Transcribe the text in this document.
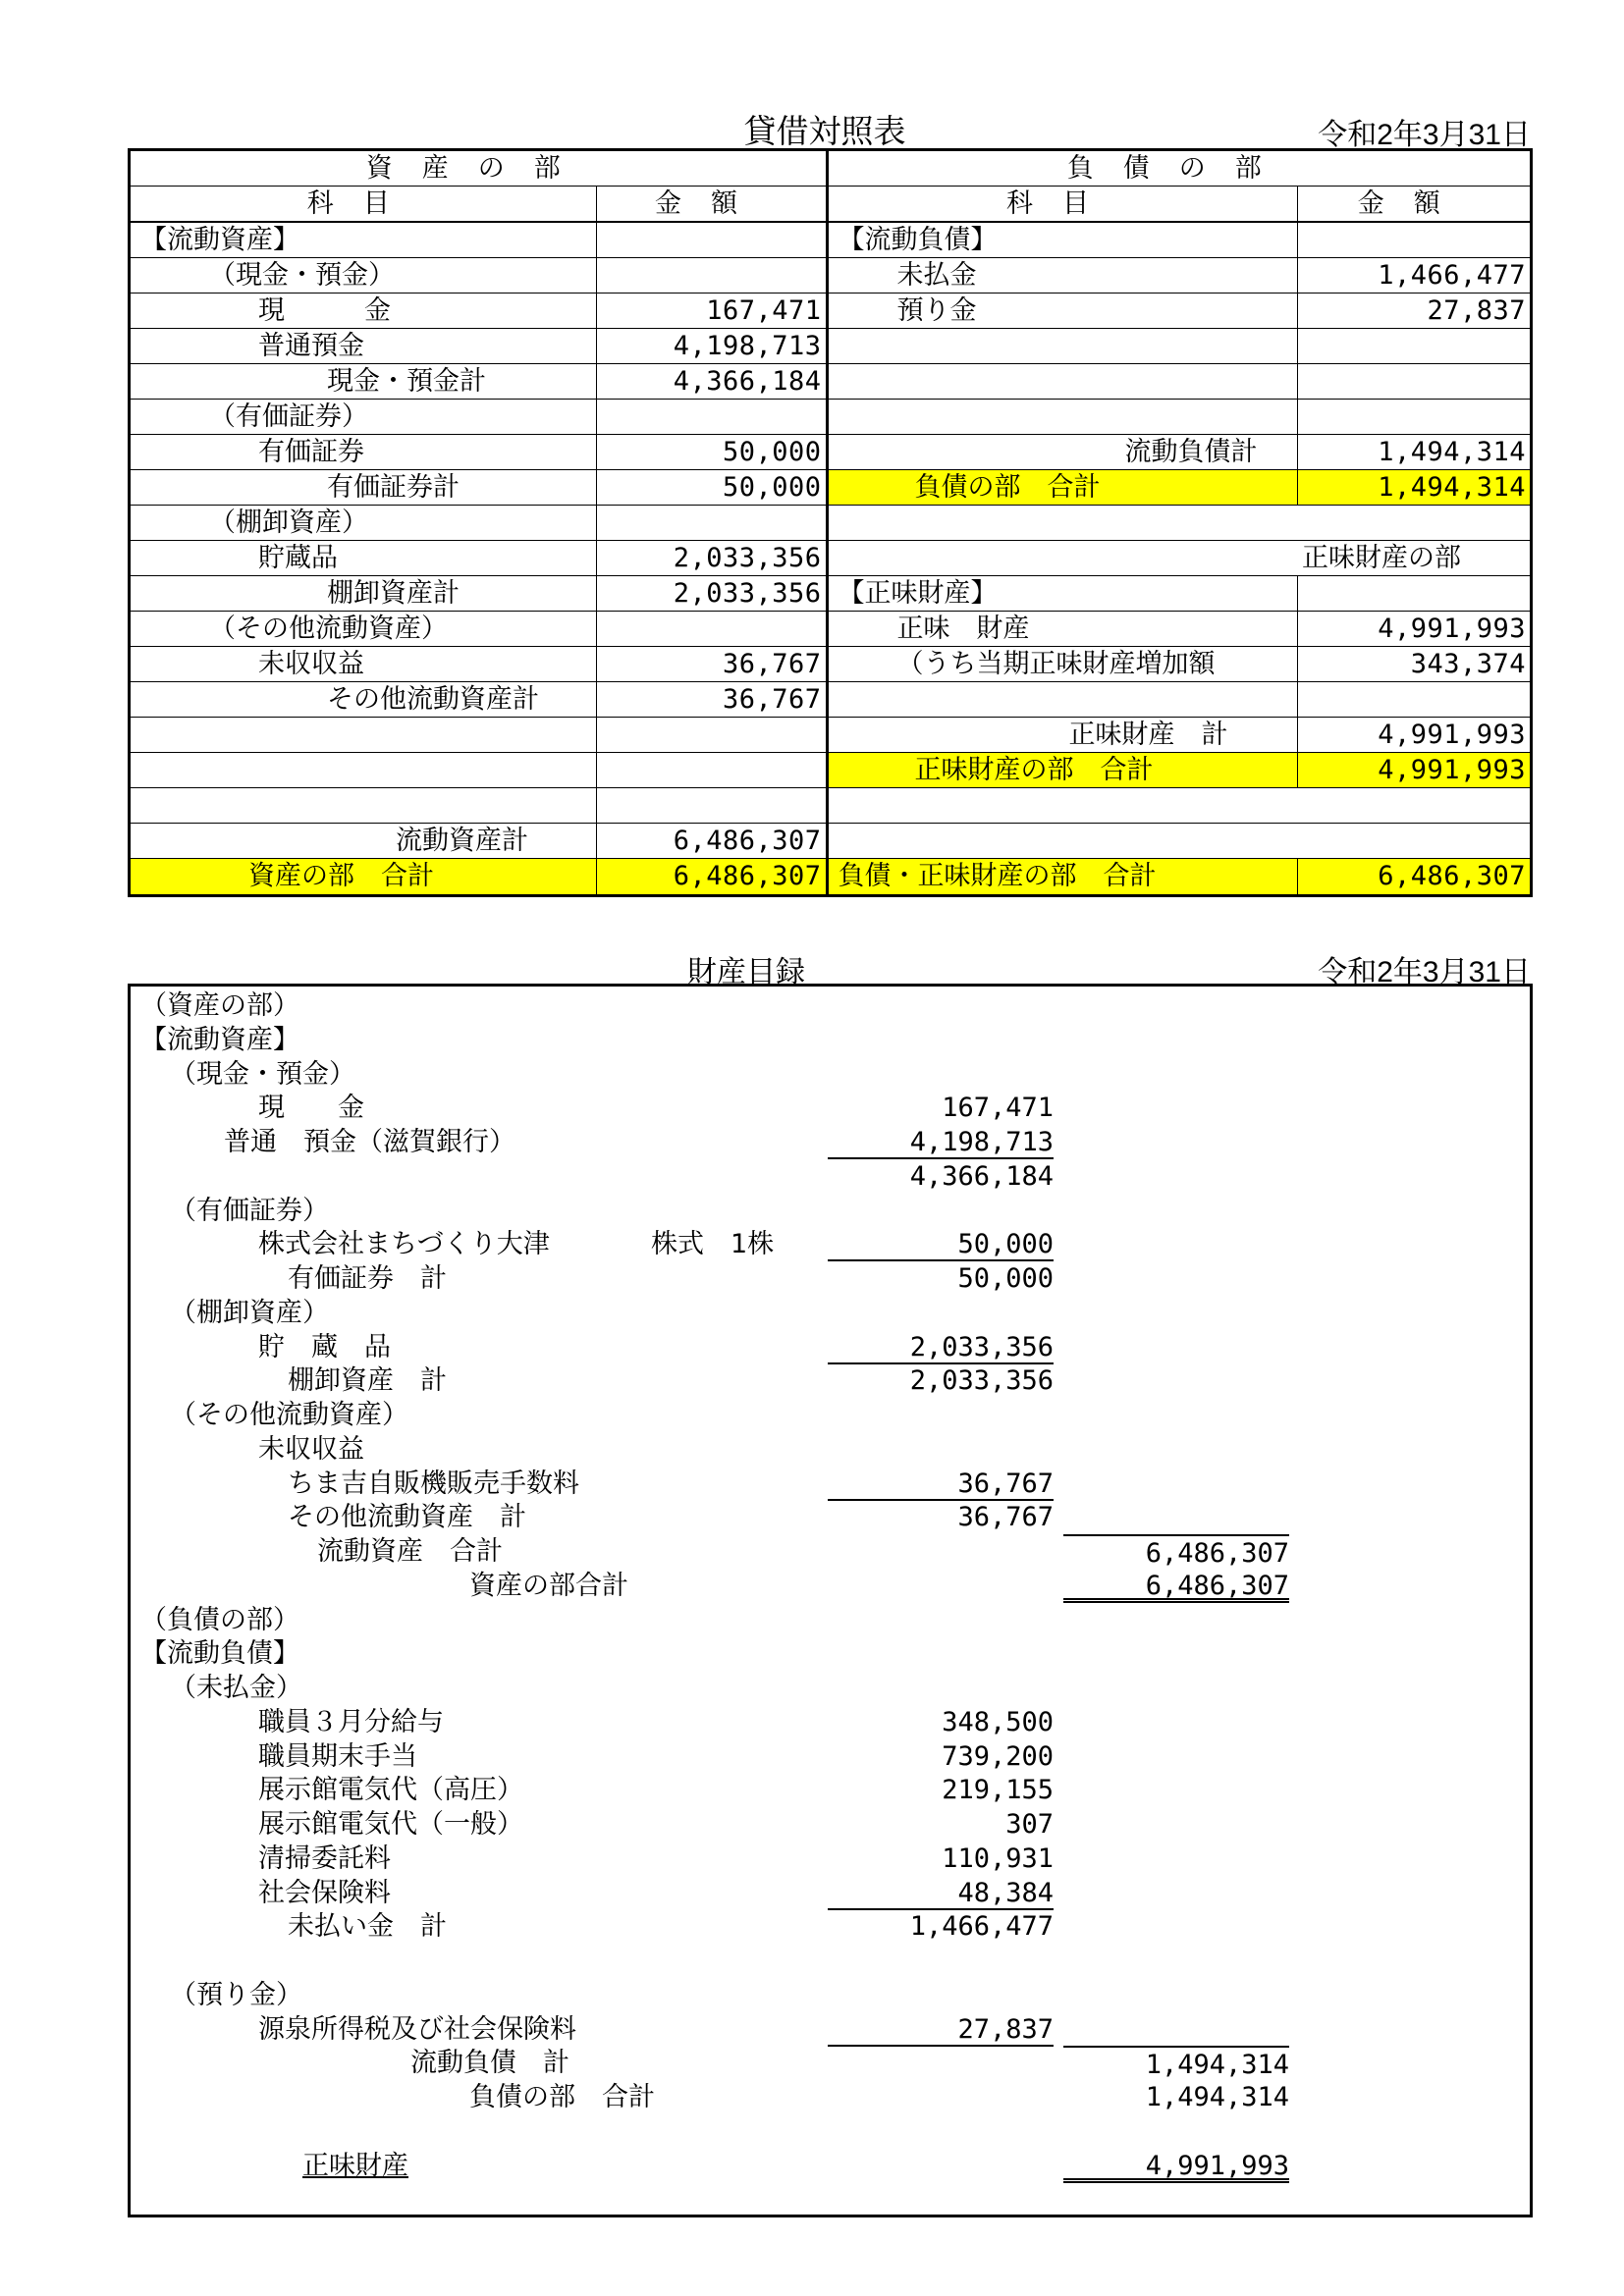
貸借対照表	令和2年3月31日
資産の部		負債の部	
科目	金額	科目	金額
【流動資産】		【流動負債】	
（現金・預金）		未払金	1,466,477
現　　　金	167,471	預り金	27,837
普通預金	4,198,713		
現金・預金計	4,366,184		
（有価証券）			
有価証券	50,000	流動負債計	1,494,314
有価証券計	50,000	負債の部　合計	1,494,314
（棚卸資産）			
貯蔵品	2,033,356	正味財産の部	
棚卸資産計	2,033,356	【正味財産】	
（その他流動資産）		正味　財産	4,991,993
未収収益	36,767	（うち当期正味財産増加額	343,374
その他流動資産計	36,767		
		正味財産　計	4,991,993
		正味財産の部　合計	4,991,993

流動資産計	6,486,307		
資産の部　合計	6,486,307	負債・正味財産の部　合計	6,486,307
財産目録	令和2年3月31日
（資産の部）
【流動資産】
（現金・預金）
現　　金	167,471
普通　預金（滋賀銀行）	4,198,713
4,366,184
（有価証券）
株式会社まちづくり大津	株式　1株	50,000
有価証券　計	50,000
（棚卸資産）
貯　蔵　品	2,033,356
棚卸資産　計	2,033,356
（その他流動資産）
未収収益
ちま吉自販機販売手数料	36,767
その他流動資産　計	36,767
流動資産　合計	6,486,307
資産の部合計	6,486,307
（負債の部）
【流動負債】
（未払金）
職員３月分給与	348,500
職員期末手当	739,200
展示館電気代（高圧）	219,155
展示館電気代（一般）	307
清掃委託料	110,931
社会保険料	48,384
未払い金　計	1,466,477
（預り金）
源泉所得税及び社会保険料	27,837
流動負債　計	1,494,314
負債の部　合計	1,494,314
正味財産	4,991,993
